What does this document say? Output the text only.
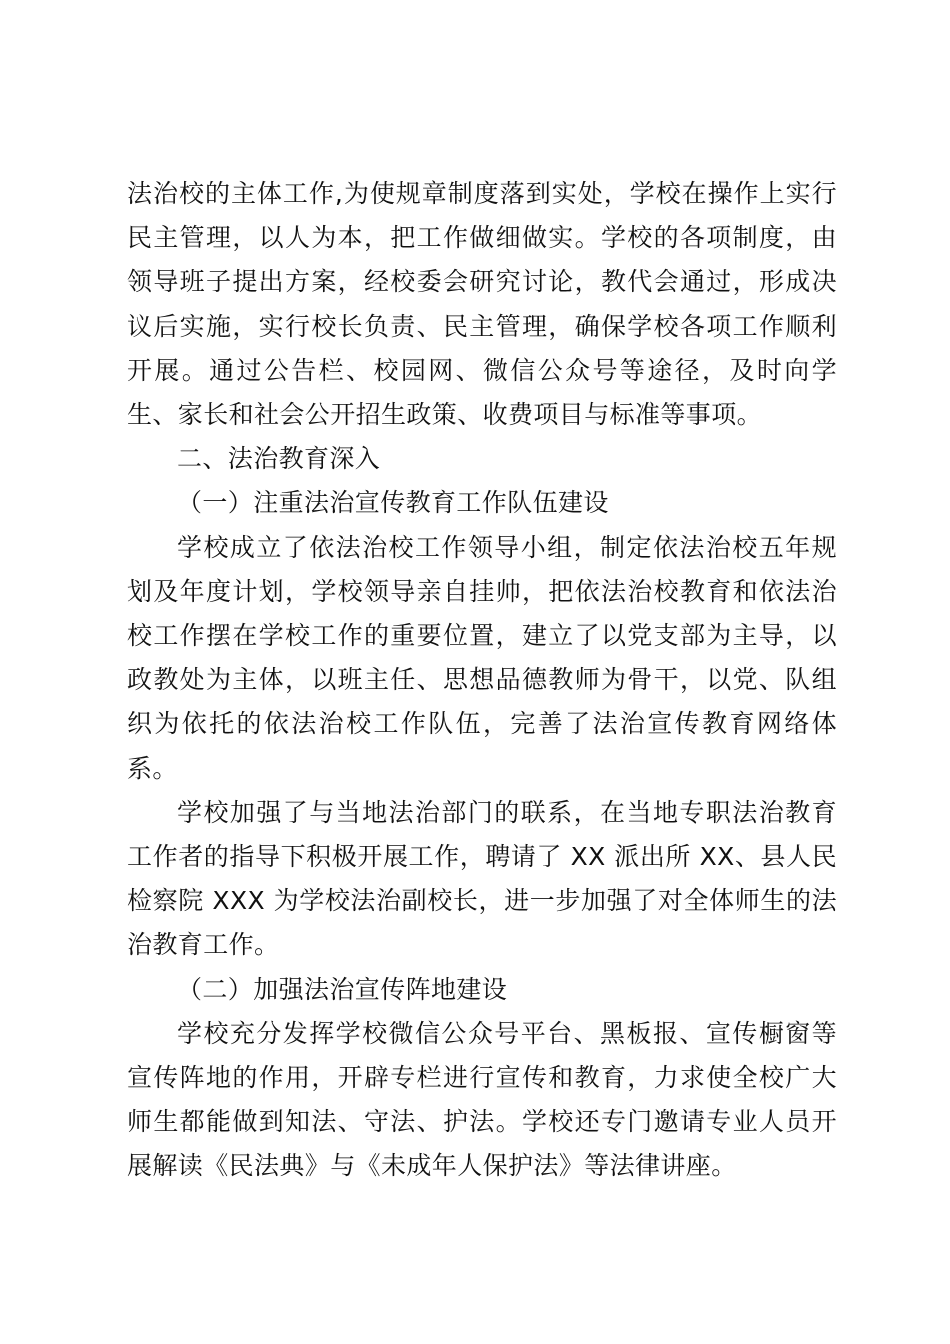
法治校的主体工作,为使规章制度落到实处，学校在操作上实行民主管理，以人为本，把工作做细做实。学校的各项制度，由领导班子提出方案，经校委会研究讨论，教代会通过，形成决议后实施，实行校长负责、民主管理，确保学校各项工作顺利开展。通过公告栏、校园网、微信公众号等途径，及时向学生、家长和社会公开招生政策、收费项目与标准等事项。

二、法治教育深入

（一）注重法治宣传教育工作队伍建设

学校成立了依法治校工作领导小组，制定依法治校五年规划及年度计划，学校领导亲自挂帅，把依法治校教育和依法治校工作摆在学校工作的重要位置，建立了以党支部为主导，以政教处为主体，以班主任、思想品德教师为骨干，以党、队组织为依托的依法治校工作队伍，完善了法治宣传教育网络体系。

学校加强了与当地法治部门的联系，在当地专职法治教育工作者的指导下积极开展工作，聘请了 XX 派出所 XX、县人民检察院 XXX 为学校法治副校长，进一步加强了对全体师生的法治教育工作。

（二）加强法治宣传阵地建设

学校充分发挥学校微信公众号平台、黑板报、宣传橱窗等宣传阵地的作用，开辟专栏进行宣传和教育，力求使全校广大师生都能做到知法、守法、护法。学校还专门邀请专业人员开展解读《民法典》与《未成年人保护法》等法律讲座。
